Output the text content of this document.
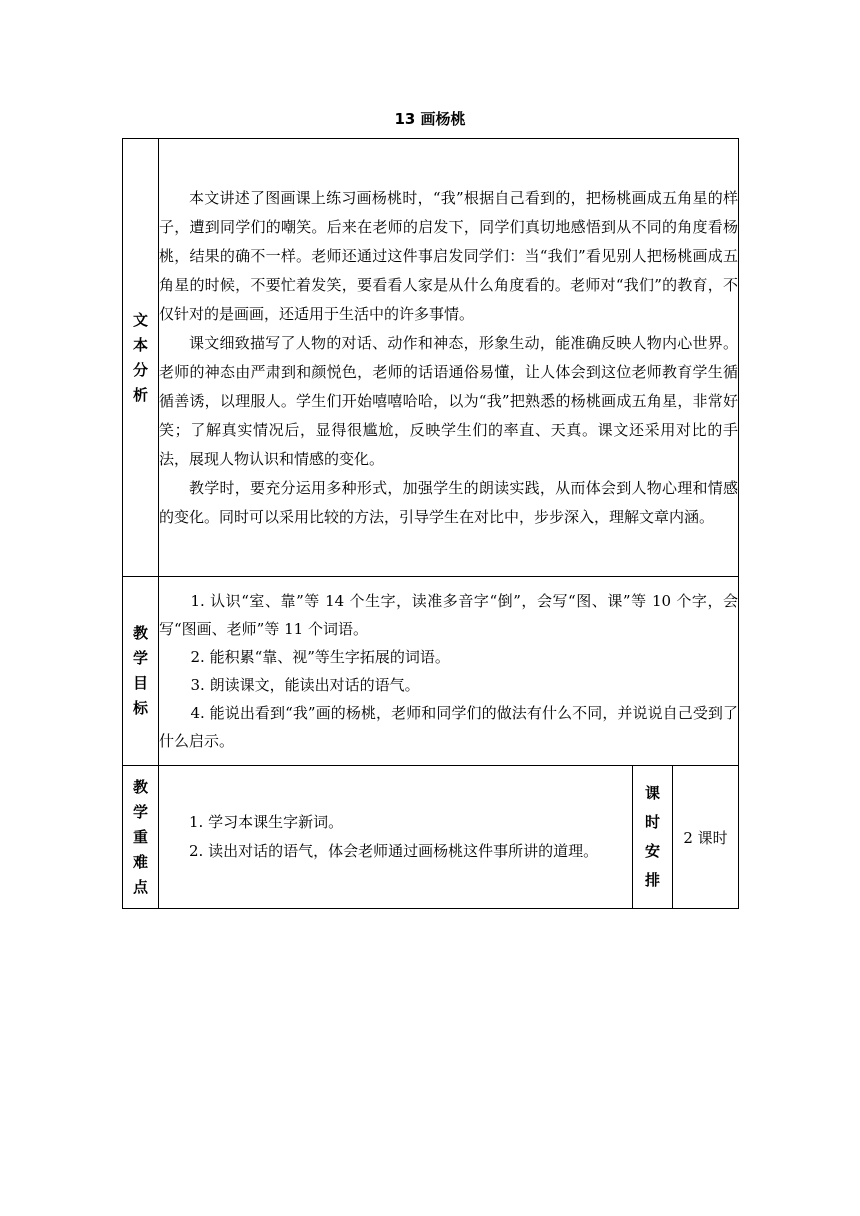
13 画杨桃
文本分析	本文讲述了图画课上练习画杨桃时，“我”根据自己看到的，把杨桃画成五角星的样子，遭到同学们的嘲笑。后来在老师的启发下，同学们真切地感悟到从不同的角度看杨桃，结果的确不一样。老师还通过这件事启发同学们：当“我们”看见别人把杨桃画成五角星的时候，不要忙着发笑，要看看人家是从什么角度看的。老师对“我们”的教育，不仅针对的是画画，还适用于生活中的许多事情。

课文细致描写了人物的对话、动作和神态，形象生动，能准确反映人物内心世界。老师的神态由严肃到和颜悦色，老师的话语通俗易懂，让人体会到这位老师教育学生循循善诱，以理服人。学生们开始嘻嘻哈哈，以为“我”把熟悉的杨桃画成五角星，非常好笑；了解真实情况后，显得很尴尬，反映学生们的率直、天真。课文还采用对比的手法，展现人物认识和情感的变化。

教学时，要充分运用多种形式，加强学生的朗读实践，从而体会到人物心理和情感的变化。同时可以采用比较的方法，引导学生在对比中，步步深入，理解文章内涵。		

教学目标	1. 认识“室、靠”等 14 个生字，读准多音字“倒”，会写“图、课”等 10 个字，会写“图画、老师”等 11 个词语。

2. 能积累“靠、视”等生字拓展的词语。

3. 朗读课文，能读出对话的语气。

4. 能说出看到“我”画的杨桃，老师和同学们的做法有什么不同，并说说自己受到了什么启示。		

教学重难点	1. 学习本课生字新词。

2. 读出对话的语气，体会老师通过画杨桃这件事所讲的道理。	课时安排	2 课时
